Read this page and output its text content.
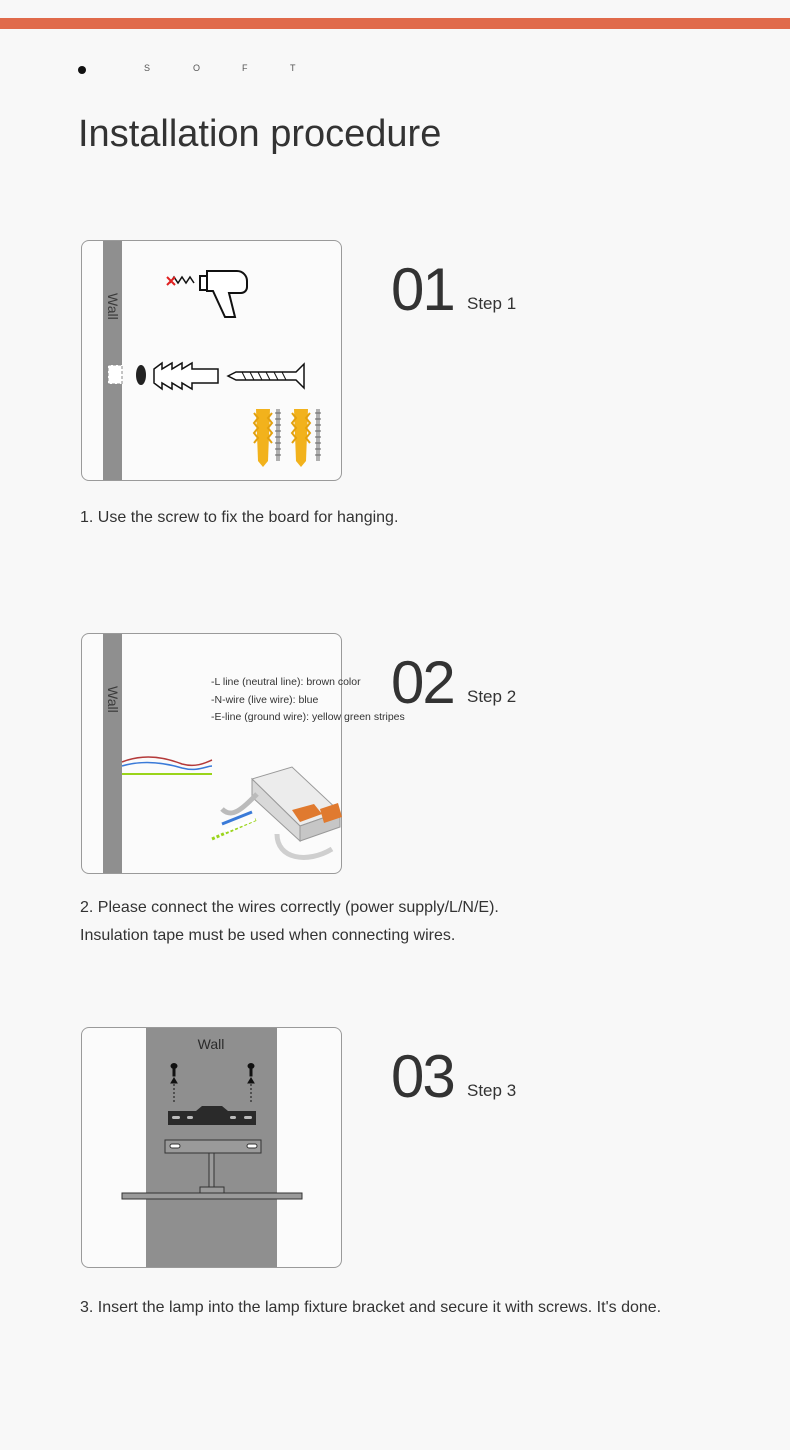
S	O	F	T
Installation procedure
Wall	01 Step 1
1. Use the screw to fix the board for hanging.
Wall
-L line (neutral line): brown color
-N-wire (live wire): blue
-E-line (ground wire): yellow green stripes
02 Step 2
2. Please connect the wires correctly (power supply/L/N/E).
Insulation tape must be used when connecting wires.
Wall	03 Step 3
3. Insert the lamp into the lamp fixture bracket and secure it with screws. It's done.
